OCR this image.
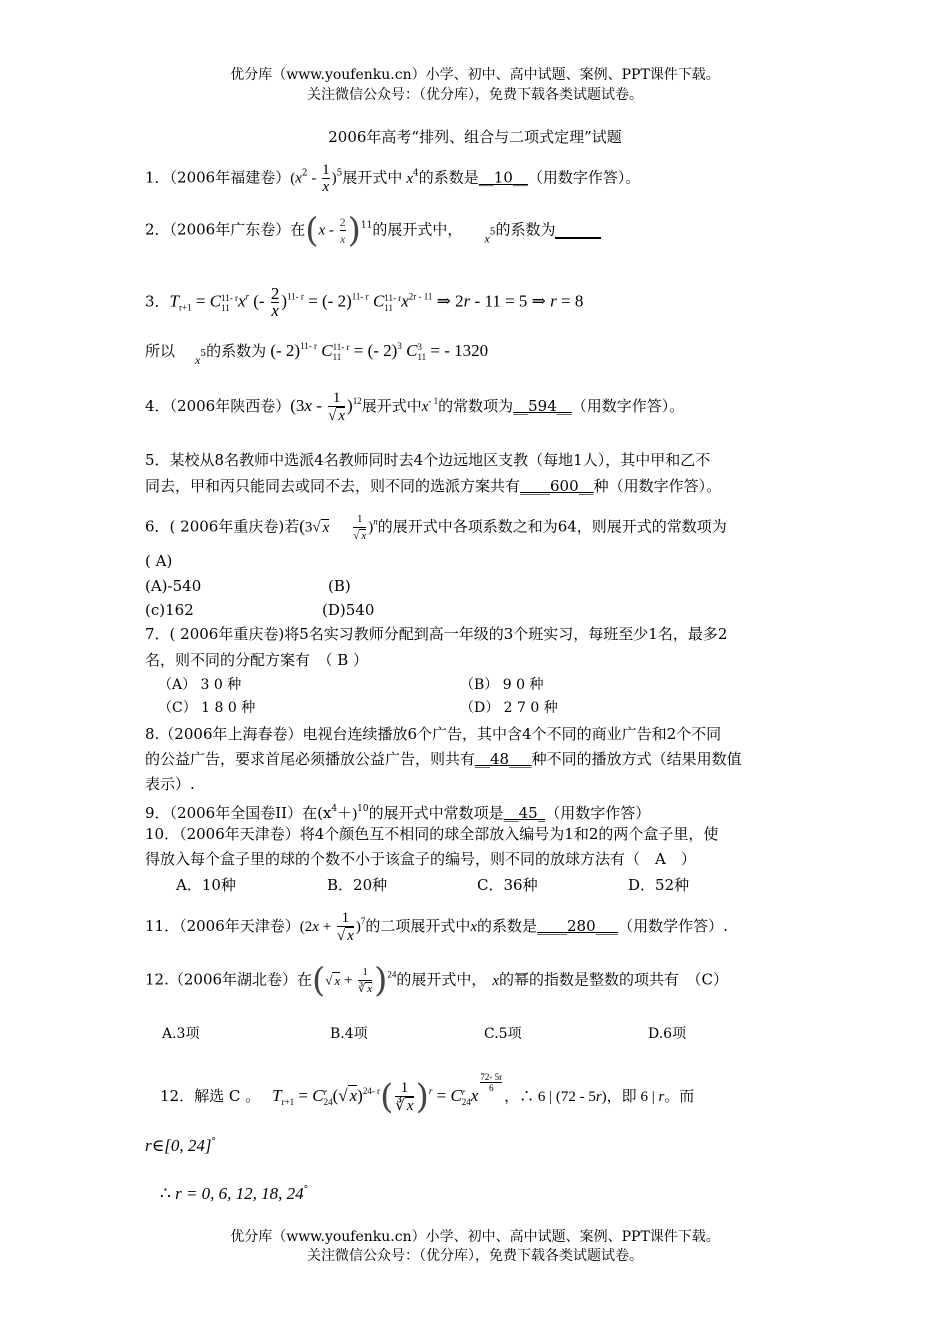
优分库（www.youfenku.cn）小学、初中、高中试题、案例、PPT课件下载。
关注微信公众号：（优分库），免费下载各类试题试卷。
2006年高考“排列、组合与二项式定理”试题
1．（2006年福建卷）$(x^2 - \frac{1}{x} )^5$展开式中 $x^4$的系数是__10__（用数字作答）。
2．（2006年广东卷）在$(x - \frac{2}{x} )^{11}$的展开式中， $_x$5的系数为
3．$T_{r+1} = C$ 11- r
11 $x^r$ (- $\frac{2}{x} )^{11- r}$ = (- 2)$^{11- r}$ C 11- r
11 $x^{2r - 11}$ ⇒ 2r - 11 = 5 ⇒ r = 8
所以 $_x$5的系数为 (- 2)$^{11- r}$ C 11- r
11 = (- 2)$^3$ C 3
11 = - 1320
4．（2006年陕西卷）$(3x - \frac{1}{√ x} )^{12}$展开式中$x^{- 1}$的常数项为__594__（用数字作答）。
5．某校从8名教师中选派4名教师同时去4个边远地区支教（每地1人），其中甲和乙不
同去，甲和丙只能同去或同不去，则不同的选派方案共有____600__种（用数字作答）。
6．( 2006年重庆卷)若(3√ x $\frac{1}{√ x} )^n$的展开式中各项系数之和为64，则展开式的常数项为
( A)
(A)-540	(B)
(c)162	(D)540
7．( 2006年重庆卷)将5名实习教师分配到高一年级的3个班实习，每班至少1名，最多2
名，则不同的分配方案有　（ B ）
（A） 3 0 种	（B） 9 0 种
（C） 1 8 0 种	（D） 2 7 0 种
8.（2006年上海春卷）电视台连续播放6个广告，其中含4个不同的商业广告和2个不同
的公益广告，要求首尾必须播放公益广告，则共有__48___种不同的播放方式（结果用数值
表示）.
9．（2006年全国卷II）在$(x^4+)^{10}$的展开式中常数项是__45_（用数字作答）
10．（2006年天津卷）将4个颜色互不相同的球全部放入编号为1和2的两个盒子里，使
得放入每个盒子里的球的个数不小于该盒子的编号，则不同的放球方法有（　A　）
A．10种	B．20种	C．36种	D．52种
11．（2006年天津卷）$(2x + \frac{1}{√ x} )^7$的二项展开式中x的系数是____280___（用数学作答）.
12.（2006年湖北卷）在(√ $x + \frac{1}{∛ x} )^{24}$的展开式中， x的幂的指数是整数的项共有　（C）
A.3项	B.4项	C.5项	D.6项
12．解选 C 。 $T_{r+1} = C$ r
24 (√ $x)^{24- r}( \frac{1}{∛ x} )^r = C$ r
24 x
$\frac{72- 5r}{6}$
，∴ 6 | (72 - 5r)，即 6 | r。而
r∈[0, 24]°
∴ r = 0, 6, 12, 18, 24°
优分库（www.youfenku.cn）小学、初中、高中试题、案例、PPT课件下载。
关注微信公众号：（优分库），免费下载各类试题试卷。
